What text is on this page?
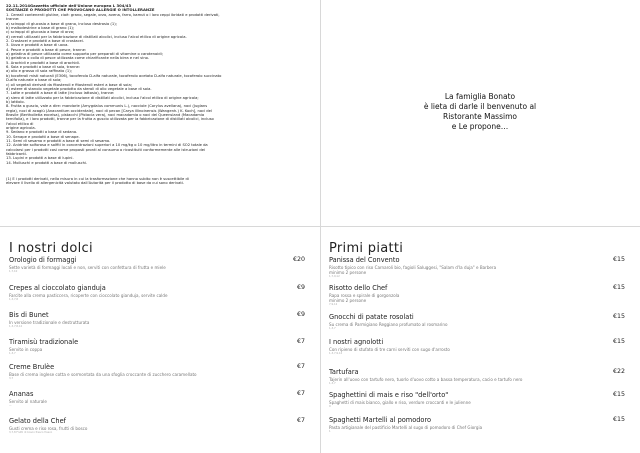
22.11.2014Gazzetta ufficiale dell'Unione europea L 304/43
SOSTANZE O PRODOTTI CHE PROVOCANO ALLERGIE O INTOLLERANZE
1. Cereali contenenti glutine, cioè: grano, segale, orzo, avena, farro, kamut o i loro ceppi ibridati e prodotti derivati,
tranne:
a) sciroppi di glucosio a base di grano, incluso destrosio (1);
b) maltodestrine a base di grano (1);
c) sciroppi di glucosio a base di orzo;
d) cereali utilizzati per la fabbricazione di distillati alcolici, incluso l'alcol etilico di origine agricola.
2. Crostacei e prodotti a base di crostacei.
3. Uova e prodotti a base di uova.
4. Pesce e prodotti a base di pesce, tranne:
a) gelatina di pesce utilizzata come supporto per preparati di vitamine o carotenoidi;
b) gelatina o colla di pesce utilizzata come chiarificante nella birra e nel vino.
5. Arachidi e prodotti a base di arachidi.
6. Soia e prodotti a base di soia, tranne:
a) olio e grasso di soia raffinato (1);
b) tocoferoli misti naturali (E306), tocoferolo D-alfa naturale, tocoferolo acetato D-alfa naturale, tocoferolo succinato
D-alfa naturale a base di soia;
c) oli vegetali derivati da fitosteroli e fitosteroli esteri a base di soia;
d) estere di stanolo vegetale prodotto da steroli di olio vegetale a base di soia.
7. Latte e prodotti a base di latte (incluso lattosio), tranne:
a) siero di latte utilizzato per la fabbricazione di distillati alcolici, incluso l'alcol etilico di origine agricola;
b) lattiolo.
8. Frutta a guscio, vale a dire: mandorle (Amygdalus communis L.), nocciole (Corylus avellana), noci (Juglans
regia), noci di acagiù (Anacardium occidentale), noci di pecan [Carya illinoinensis (Wangenh.) K. Koch], noci del
Brasile (Bertholletia excelsa), pistacchi (Pistacia vera), noci macadamia o noci del Queensland (Macadamia
ternifolia), e i loro prodotti, tranne per la frutta a guscio utilizzata per la fabbricazione di distillati alcolici, incluso
l'alcol etilico di
origine agricola.
9. Sedano e prodotti a base di sedano.
10. Senape e prodotti a base di senape.
11. Semi di sesamo e prodotti a base di semi di sesamo.
12. Anidride solforosa e solfiti in concentrazioni superiori a 10 mg/kg o 10 mg/litro in termini di SO2 totale da
calcolarsi per i prodotti così come proposti pronti al consumo o ricostituiti conformemente alle istruzioni dei
fabbricanti.
13. Lupini e prodotti a base di lupini.
14. Molluschi e prodotti a base di molluschi.
(1) E i prodotti derivati, nella misura in cui la trasformazione che hanno subito non è suscettibile di
elevare il livello di allergenicità valutato dall'Autorità per il prodotto di base da cui sono derivati.
La famiglia Bonato
è lieta di darle il benvenuto al
Ristorante Massimo
e Le propone…
I nostri dolci
Orologio di formaggi	€20
Sette varietà di formaggi locali e non, serviti con confettura di frutta e miele
1,7,10
Crepes al cioccolato gianduja	€9
Farcite alla crema pasticcera, ricoperte con cioccolato gianduja, servite calde
1,3,7,8
Bis di Bunet	€9
In versione tradizionale e destrutturata
1,3,7,8,12
Tiramisù tradizionale	€7
Servito in coppa
1,3,7
Creme Brulèe	€7
Base di crema inglese cotta e sormontata da una sfoglia croccante di zucchero caramellato
3,7
Ananas	€7
Servito al naturale
—
Gelato della Chef	€7
Gusti crema e riso rosa, frutti di bosco
3,7,8 Frutti di bosco fresco fresco
Primi piatti
Panissa del Convento	€15
Risotto tipico con riso Carnaroli bio, fagioli Saluggesi, "Salam d'la duja" e Barbera
minimo 2 persone
1,7,9,12
Risotto dello Chef	€15
Rapa rossa e spirale di gorgonzola
minimo 2 persone
7,9,12
Gnocchi di patate rosolati	€15
Su crema di Parmigiano Reggiano profumato al rosmarino
1,3,7
I nostri agnolotti	€15
Con ripieno di stufato di tre carni serviti con sugo d'arrosto
1,3,7,9,12
Tartufara	€22
Tajerin all'uovo con tartufo nero, tuorlo d'uovo cotto a bassa temperatura, cacio e tartufo nero
1,3,7
Spaghettini di mais e riso "dell'orto"	€15
Spaghetti di mais bianco, giallo e riso, verdure croccanti e le julienne
9
Spaghetti Martelli al pomodoro	€15
Pasta artigianale del pastificio Martelli al sugo di pomodoro di Chef Giorgia
1
